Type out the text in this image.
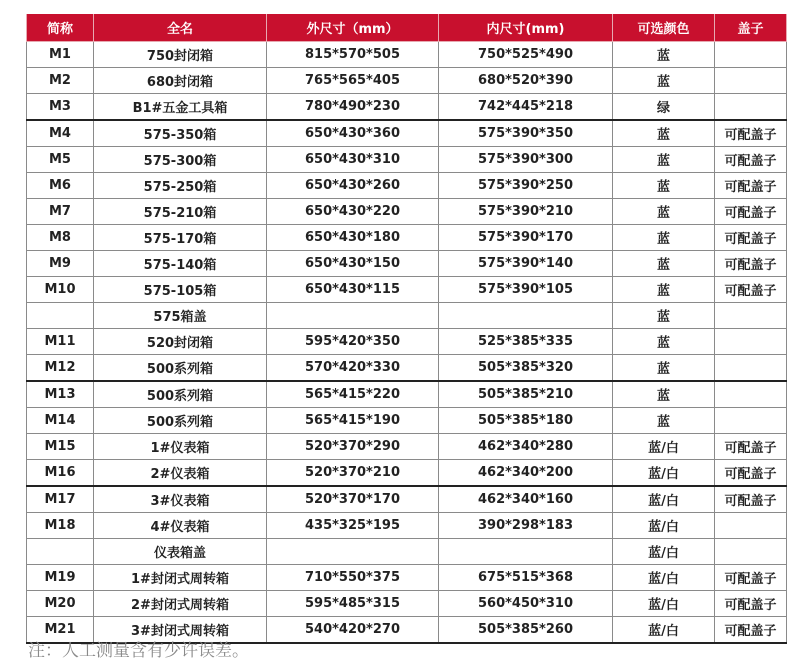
简称	全名	外尺寸（mm）	内尺寸(mm)	可选颜色	盖子
M1	750封闭箱	815*570*505	750*525*490	蓝	
M2	680封闭箱	765*565*405	680*520*390	蓝	
M3	B1#五金工具箱	780*490*230	742*445*218	绿	
M4	575-350箱	650*430*360	575*390*350	蓝	可配盖子
M5	575-300箱	650*430*310	575*390*300	蓝	可配盖子
M6	575-250箱	650*430*260	575*390*250	蓝	可配盖子
M7	575-210箱	650*430*220	575*390*210	蓝	可配盖子
M8	575-170箱	650*430*180	575*390*170	蓝	可配盖子
M9	575-140箱	650*430*150	575*390*140	蓝	可配盖子
M10	575-105箱	650*430*115	575*390*105	蓝	可配盖子
	575箱盖			蓝	
M11	520封闭箱	595*420*350	525*385*335	蓝	
M12	500系列箱	570*420*330	505*385*320	蓝	
M13	500系列箱	565*415*220	505*385*210	蓝	
M14	500系列箱	565*415*190	505*385*180	蓝	
M15	1#仪表箱	520*370*290	462*340*280	蓝/白	可配盖子
M16	2#仪表箱	520*370*210	462*340*200	蓝/白	可配盖子
M17	3#仪表箱	520*370*170	462*340*160	蓝/白	可配盖子
M18	4#仪表箱	435*325*195	390*298*183	蓝/白	
	仪表箱盖			蓝/白	
M19	1#封闭式周转箱	710*550*375	675*515*368	蓝/白	可配盖子
M20	2#封闭式周转箱	595*485*315	560*450*310	蓝/白	可配盖子
M21	3#封闭式周转箱	540*420*270	505*385*260	蓝/白	可配盖子
注：人工测量含有少许误差。
